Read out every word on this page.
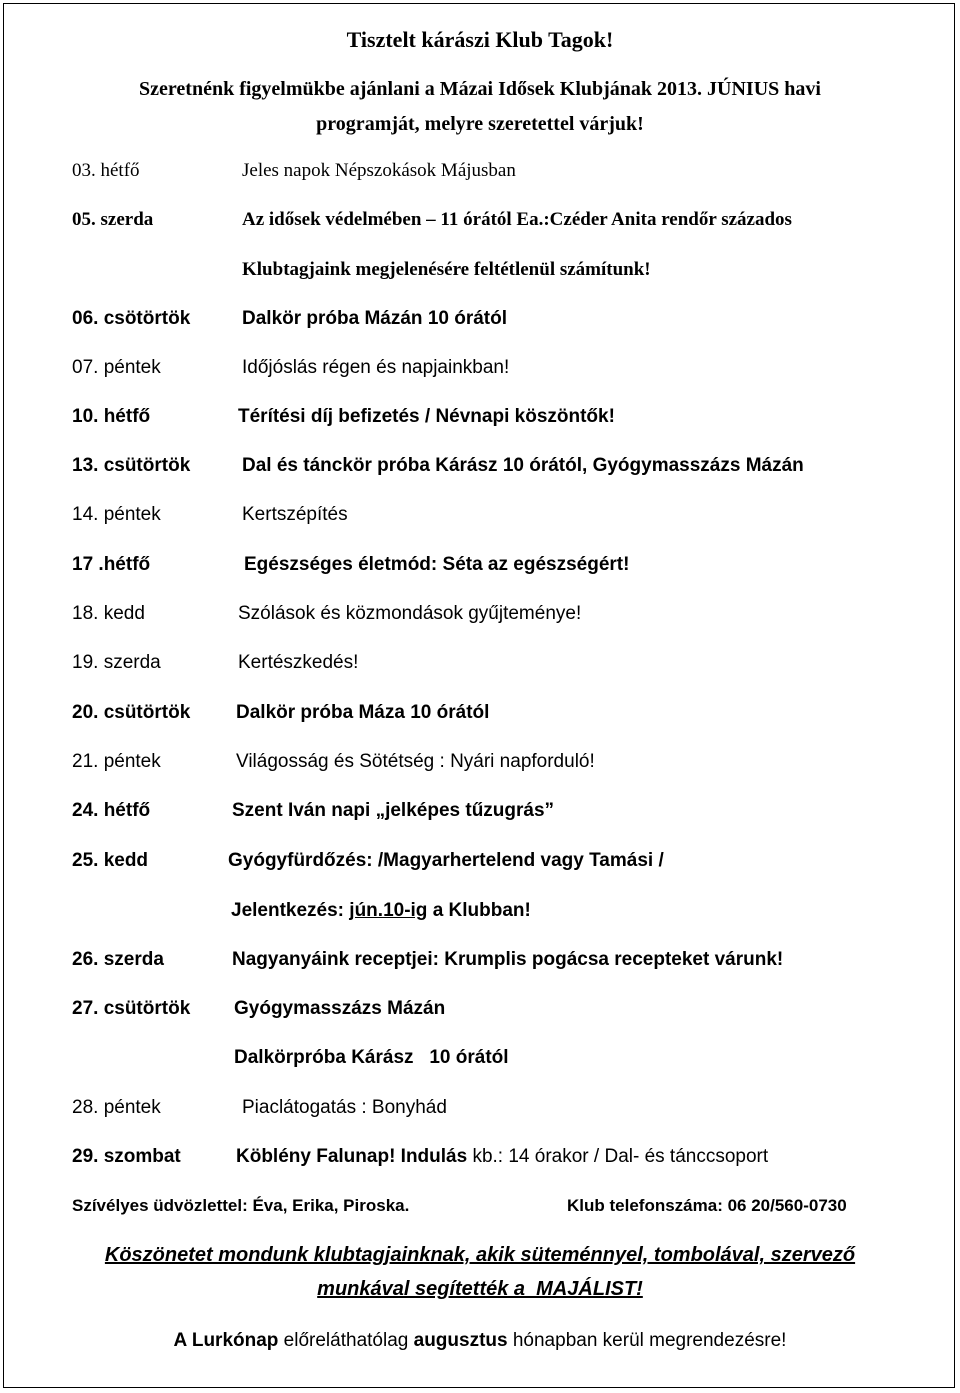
Tisztelt kárászi Klub Tagok!
Szeretnénk figyelmükbe ajánlani a Mázai Idősek Klubjának 2013. JÚNIUS havi
programját, melyre szeretettel várjuk!
03. hétfő	Jeles napok Népszokások Májusban
05. szerda	Az idősek védelmében – 11 órától Ea.:Czéder Anita rendőr százados
Klubtagjaink megjelenésére feltétlenül számítunk!
06. csötörtök	Dalkör próba Mázán 10 órától
07. péntek	Időjóslás régen és napjainkban!
10. hétfő	Térítési díj befizetés / Névnapi köszöntők!
13. csütörtök	Dal és tánckör próba Kárász 10 órától, Gyógymasszázs Mázán
14. péntek	Kertszépítés
17 .hétfő	Egészséges életmód: Séta az egészségért!
18. kedd	Szólások és közmondások gyűjteménye!
19. szerda	Kertészkedés!
20. csütörtök Dalkör próba Máza 10 órától
21. péntek	Világosság és Sötétség : Nyári napforduló!
24. hétfő	Szent Iván napi „jelképes tűzugrás”
25. kedd	Gyógyfürdőzés: /Magyarhertelend vagy Tamási /
Jelentkezés: jún.10-ig a Klubban!
26. szerda	Nagyanyáink receptjei: Krumplis pogácsa recepteket várunk!
27. csütörtök Gyógymasszázs Mázán
Dalkörpróba Kárász   10 órától
28. péntek	Piaclátogatás : Bonyhád
29. szombat	Köblény Falunap! Indulás kb.: 14 órakor / Dal- és tánccsoport
Szívélyes üdvözlettel: Éva, Erika, Piroska.	Klub telefonszáma: 06 20/560-0730
Köszönetet mondunk klubtagjainknak, akik süteménnyel, tombolával, szervező
munkával segítették a  MAJÁLIST!
A Lurkónap előreláthatólag augusztus hónapban kerül megrendezésre!
